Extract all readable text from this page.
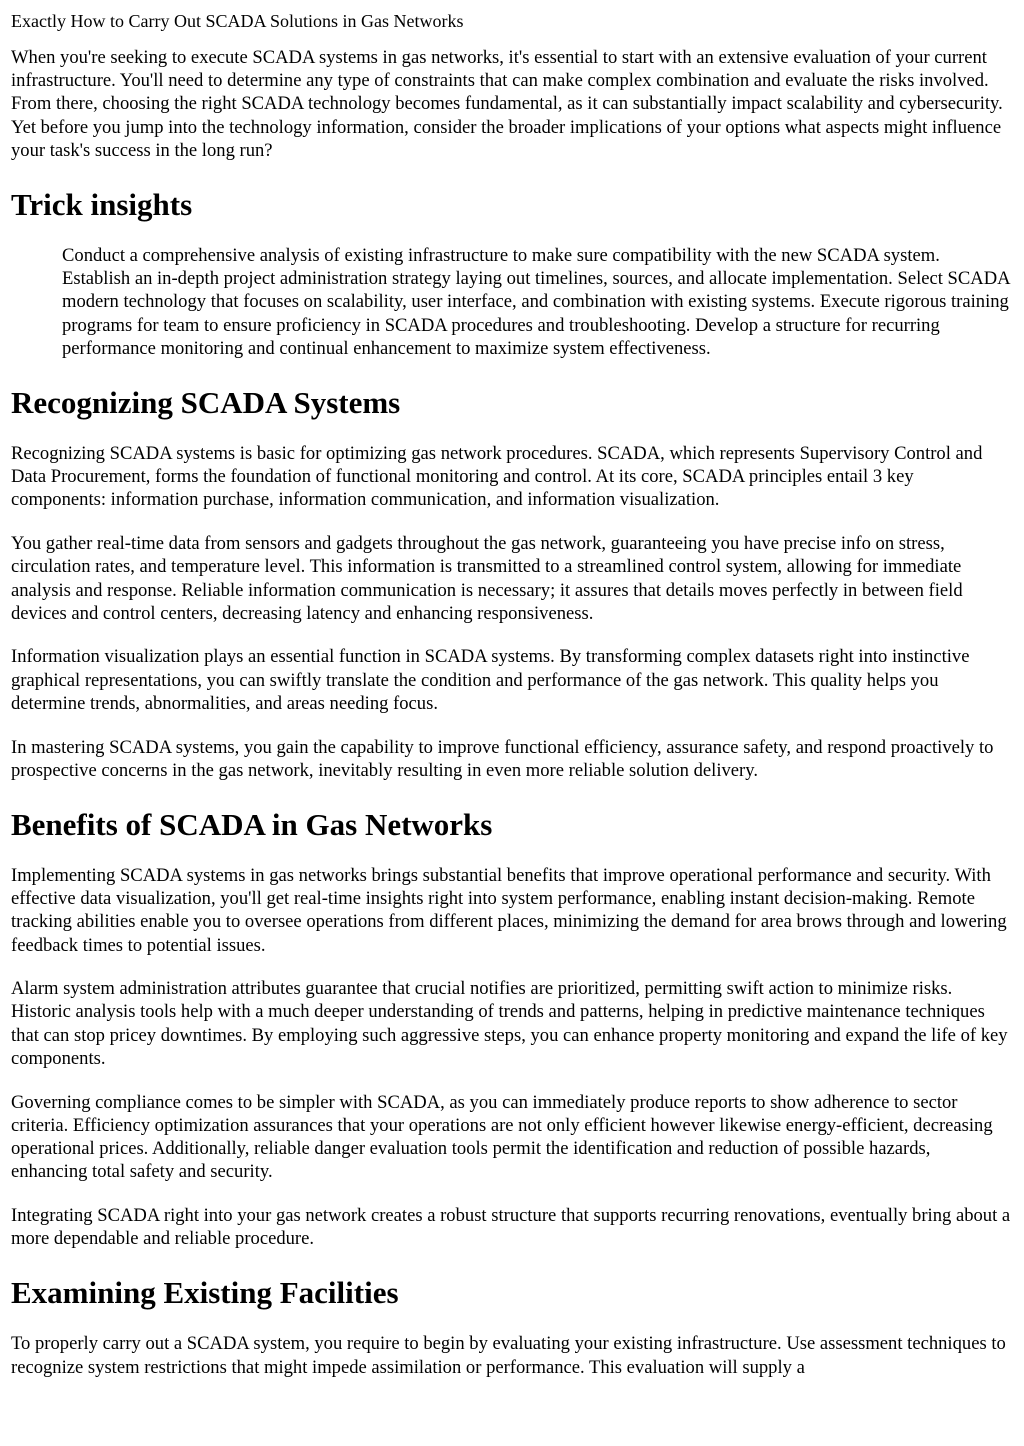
Exactly How to Carry Out SCADA Solutions in Gas Networks

When you're seeking to execute SCADA systems in gas networks, it's essential to start with an extensive evaluation of your current infrastructure. You'll need to determine any type of constraints that can make complex combination and evaluate the risks involved. From there, choosing the right SCADA technology becomes fundamental, as it can substantially impact scalability and cybersecurity. Yet before you jump into the technology information, consider the broader implications of your options what aspects might influence your task's success in the long run?

Trick insights
Conduct a comprehensive analysis of existing infrastructure to make sure compatibility with the new SCADA system. Establish an in-depth project administration strategy laying out timelines, sources, and allocate implementation. Select SCADA modern technology that focuses on scalability, user interface, and combination with existing systems. Execute rigorous training programs for team to ensure proficiency in SCADA procedures and troubleshooting. Develop a structure for recurring performance monitoring and continual enhancement to maximize system effectiveness.
Recognizing SCADA Systems

Recognizing SCADA systems is basic for optimizing gas network procedures. SCADA, which represents Supervisory Control and Data Procurement, forms the foundation of functional monitoring and control. At its core, SCADA principles entail 3 key components: information purchase, information communication, and information visualization.

You gather real-time data from sensors and gadgets throughout the gas network, guaranteeing you have precise info on stress, circulation rates, and temperature level. This information is transmitted to a streamlined control system, allowing for immediate analysis and response. Reliable information communication is necessary; it assures that details moves perfectly in between field devices and control centers, decreasing latency and enhancing responsiveness.

Information visualization plays an essential function in SCADA systems. By transforming complex datasets right into instinctive graphical representations, you can swiftly translate the condition and performance of the gas network. This quality helps you determine trends, abnormalities, and areas needing focus.

In mastering SCADA systems, you gain the capability to improve functional efficiency, assurance safety, and respond proactively to prospective concerns in the gas network, inevitably resulting in even more reliable solution delivery.

Benefits of SCADA in Gas Networks

Implementing SCADA systems in gas networks brings substantial benefits that improve operational performance and security. With effective data visualization, you'll get real-time insights right into system performance, enabling instant decision-making. Remote tracking abilities enable you to oversee operations from different places, minimizing the demand for area brows through and lowering feedback times to potential issues.

Alarm system administration attributes guarantee that crucial notifies are prioritized, permitting swift action to minimize risks. Historic analysis tools help with a much deeper understanding of trends and patterns, helping in predictive maintenance techniques that can stop pricey downtimes. By employing such aggressive steps, you can enhance property monitoring and expand the life of key components.

Governing compliance comes to be simpler with SCADA, as you can immediately produce reports to show adherence to sector criteria. Efficiency optimization assurances that your operations are not only efficient however likewise energy-efficient, decreasing operational prices. Additionally, reliable danger evaluation tools permit the identification and reduction of possible hazards, enhancing total safety and security.

Integrating SCADA right into your gas network creates a robust structure that supports recurring renovations, eventually bring about a more dependable and reliable procedure.

Examining Existing Facilities

To properly carry out a SCADA system, you require to begin by evaluating your existing infrastructure. Use assessment techniques to recognize system restrictions that might impede assimilation or performance. This evaluation will supply a
